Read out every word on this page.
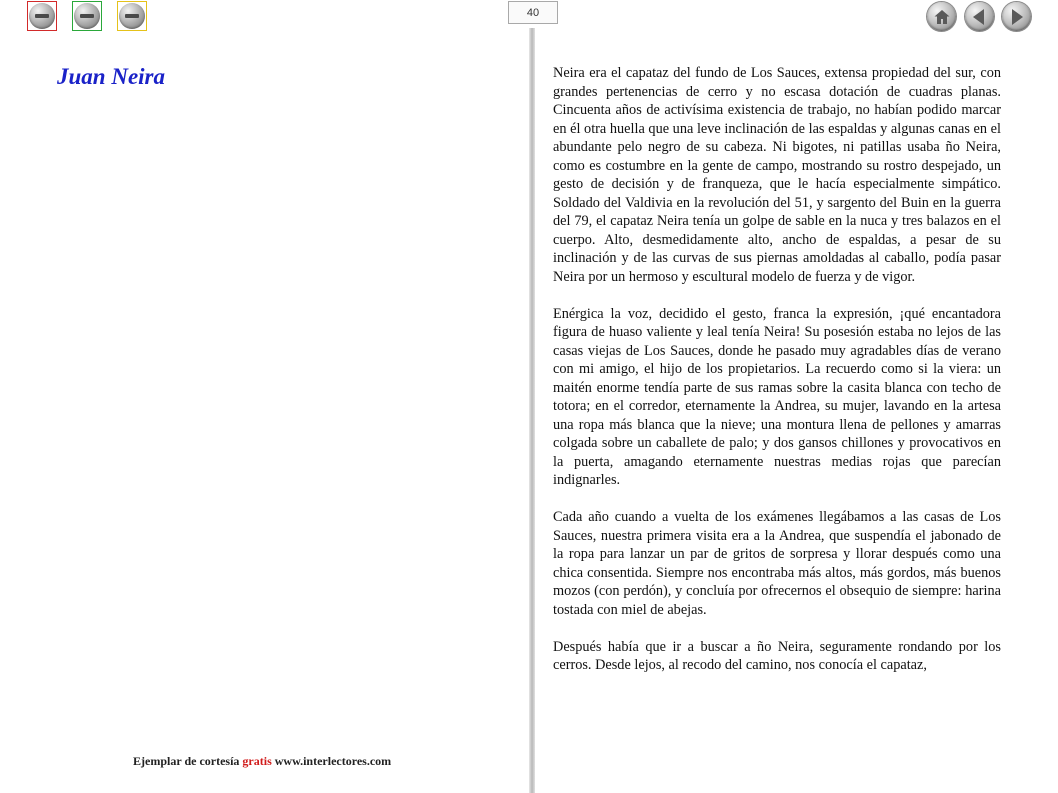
40
Juan Neira
Ejemplar de cortesía gratis www.interlectores.com

Neira era el capataz del fundo de Los Sauces, extensa propiedad del sur, con grandes pertenencias de cerro y no escasa dotación de cuadras planas. Cincuenta años de activísima existencia de trabajo, no habían podido marcar en él otra huella que una leve inclinación de las espaldas y algunas canas en el abundante pelo negro de su cabeza. Ni bigotes, ni patillas usaba ño Neira, como es costumbre en la gente de campo, mostrando su rostro despejado, un gesto de decisión y de franqueza, que le hacía especialmente simpático. Soldado del Valdivia en la revolución del 51, y sargento del Buin en la guerra del 79, el capataz Neira tenía un golpe de sable en la nuca y tres balazos en el cuerpo. Alto, desmedidamente alto, ancho de espaldas, a pesar de su inclinación y de las curvas de sus piernas amoldadas al caballo, podía pasar Neira por un hermoso y escultural modelo de fuerza y de vigor.

Enérgica la voz, decidido el gesto, franca la expresión, ¡qué encantadora figura de huaso valiente y leal tenía Neira! Su posesión estaba no lejos de las casas viejas de Los Sauces, donde he pasado muy agradables días de verano con mi amigo, el hijo de los propietarios. La recuerdo como si la viera: un maitén enorme tendía parte de sus ramas sobre la casita blanca con techo de totora; en el corredor, eternamente la Andrea, su mujer, lavando en la artesa una ropa más blanca que la nieve; una montura llena de pellones y amarras colgada sobre un caballete de palo; y dos gansos chillones y provocativos en la puerta, amagando eternamente nuestras medias rojas que parecían indignarles.

Cada año cuando a vuelta de los exámenes llegábamos a las casas de Los Sauces, nuestra primera visita era a la Andrea, que suspendía el jabonado de la ropa para lanzar un par de gritos de sorpresa y llorar después como una chica consentida. Siempre nos encontraba más altos, más gordos, más buenos mozos (con perdón), y concluía por ofrecernos el obsequio de siempre: harina tostada con miel de abejas.

Después había que ir a buscar a ño Neira, seguramente rondando por los cerros. Desde lejos, al recodo del camino, nos conocía el capataz,
